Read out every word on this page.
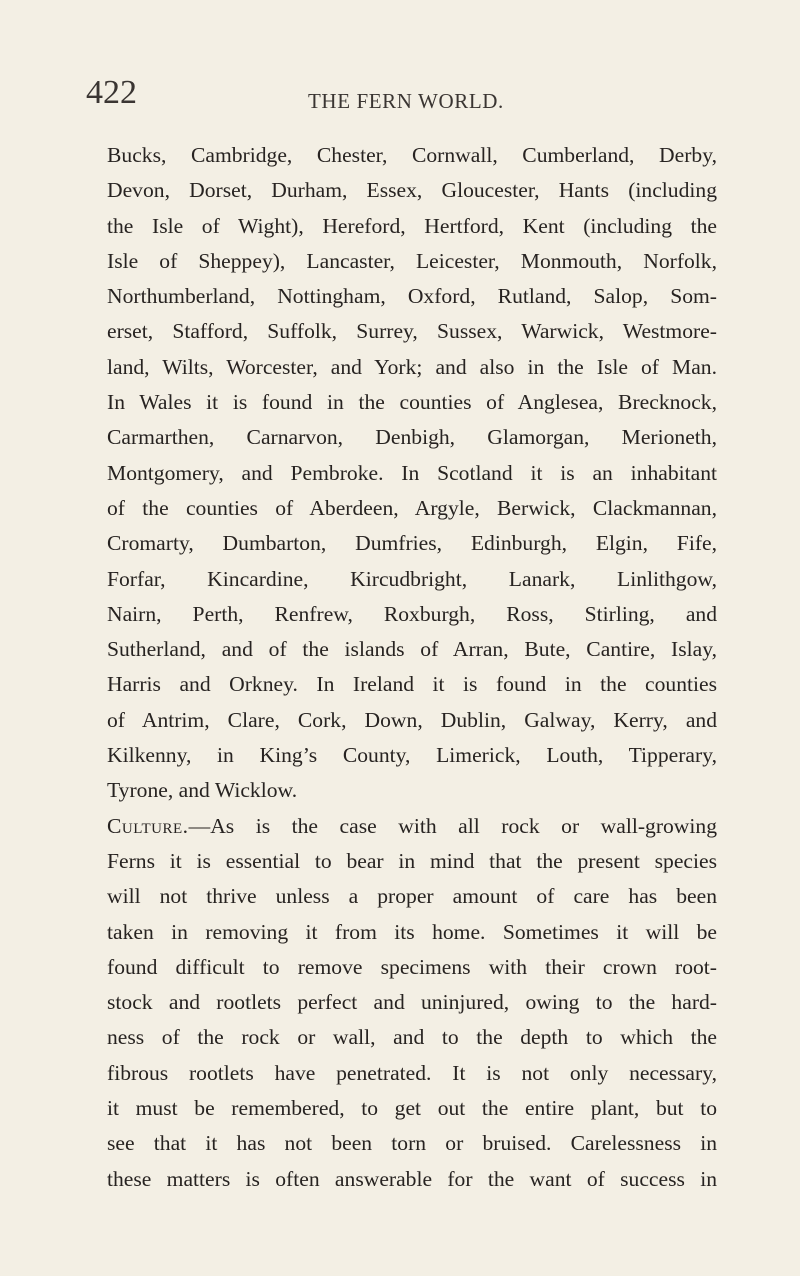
422	THE FERN WORLD.
Bucks, Cambridge, Chester, Cornwall, Cumberland, Derby,
Devon, Dorset, Durham, Essex, Gloucester, Hants (including
the Isle of Wight), Hereford, Hertford, Kent (including the
Isle of Sheppey), Lancaster, Leicester, Monmouth, Norfolk,
Northumberland, Nottingham, Oxford, Rutland, Salop, Som-
erset, Stafford, Suffolk, Surrey, Sussex, Warwick, Westmore-
land, Wilts, Worcester, and York; and also in the Isle of Man.
In Wales it is found in the counties of Anglesea, Brecknock,
Carmarthen, Carnarvon, Denbigh, Glamorgan, Merioneth,
Montgomery, and Pembroke. In Scotland it is an inhabitant
of the counties of Aberdeen, Argyle, Berwick, Clackmannan,
Cromarty, Dumbarton, Dumfries, Edinburgh, Elgin, Fife,
Forfar, Kincardine, Kircudbright, Lanark, Linlithgow,
Nairn, Perth, Renfrew, Roxburgh, Ross, Stirling, and
Sutherland, and of the islands of Arran, Bute, Cantire, Islay,
Harris and Orkney. In Ireland it is found in the counties
of Antrim, Clare, Cork, Down, Dublin, Galway, Kerry, and
Kilkenny, in King’s County, Limerick, Louth, Tipperary,
Tyrone, and Wicklow.
Culture.—As is the case with all rock or wall-growing
Ferns it is essential to bear in mind that the present species
will not thrive unless a proper amount of care has been
taken in removing it from its home. Sometimes it will be
found difficult to remove specimens with their crown root-
stock and rootlets perfect and uninjured, owing to the hard-
ness of the rock or wall, and to the depth to which the
fibrous rootlets have penetrated. It is not only necessary,
it must be remembered, to get out the entire plant, but to
see that it has not been torn or bruised. Carelessness in
these matters is often answerable for the want of success in
